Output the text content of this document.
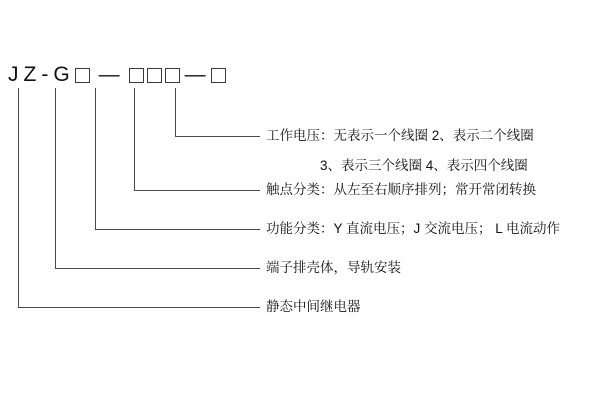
J Z - G —	—
工作电压：无表示一个线圈 2、表示二个线圈
3、表示三个线圈 4、表示四个线圈
触点分类：从左至右顺序排列；常开常闭转换
功能分类：Y 直流电压；J 交流电压； L 电流动作
端子排壳体，导轨安装
静态中间继电器
